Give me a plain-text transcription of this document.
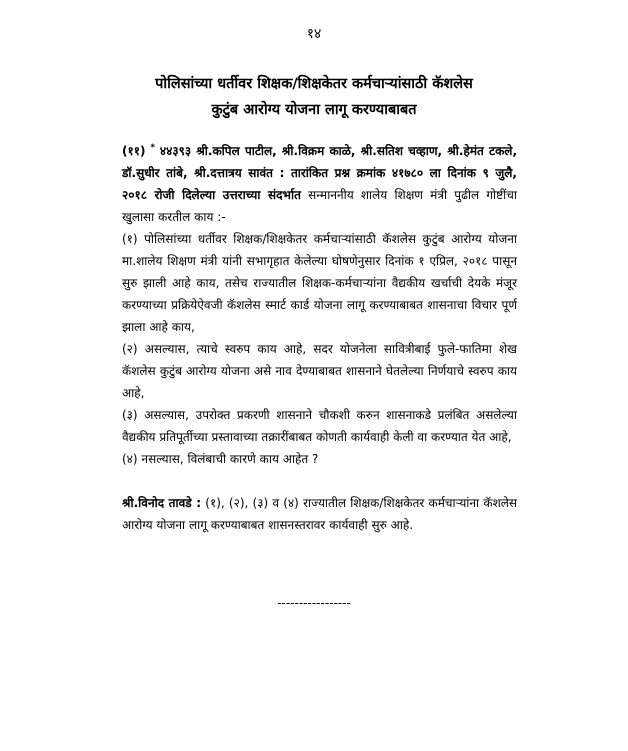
१४
पोलिसांच्या धर्तीवर शिक्षक/शिक्षकेतर कर्मचाऱ्यांसाठी कॅशलेस
कुटुंब आरोग्य योजना लागू करण्याबाबत

(११) * ४४३९३ श्री.कपिल पाटील, श्री.विक्रम काळे, श्री.सतिश चव्हाण, श्री.हेमंत टकले, डॉ.सुधीर तांबे, श्री.दत्तात्रय सावंत : तारांकित प्रश्न क्रमांक ४१७८० ला दिनांक ९ जुलै, २०१८ रोजी दिलेल्या उत्तराच्या संदर्भात सन्माननीय शालेय शिक्षण मंत्री पुढील गोष्टींचा खुलासा करतील काय :-

(१) पोलिसांच्या धर्तीवर शिक्षक/शिक्षकेतर कर्मचाऱ्यांसाठी कॅशलेस कुटुंब आरोग्य योजना मा.शालेय शिक्षण मंत्री यांनी सभागृहात केलेल्या घोषणेनुसार दिनांक १ एप्रिल, २०१८ पासून सुरु झाली आहे काय, तसेच राज्यातील शिक्षक-कर्मचाऱ्यांना वैद्यकीय खर्चाची देयके मंजूर करण्याच्या प्रक्रियेऐवजी कॅशलेस स्मार्ट कार्ड योजना लागू करण्याबाबत शासनाचा विचार पूर्ण झाला आहे काय,

(२) असल्यास, त्याचे स्वरुप काय आहे, सदर योजनेला सावित्रीबाई फुले-फातिमा शेख कॅशलेस कुटुंब आरोग्य योजना असे नाव देण्याबाबत शासनाने घेतलेल्या निर्णयाचे स्वरुप काय आहे,

(३) असल्यास, उपरोक्त प्रकरणी शासनाने चौकशी करुन शासनाकडे प्रलंबित असलेल्या वैद्यकीय प्रतिपूर्तीच्या प्रस्तावाच्या तक्रारींबाबत कोणती कार्यवाही केली वा करण्यात येत आहे,

(४) नसल्यास, विलंबाची कारणे काय आहेत ?

श्री.विनोद तावडे : (१), (२), (३) व (४) राज्यातील शिक्षक/शिक्षकेतर कर्मचाऱ्यांना कॅशलेस आरोग्य योजना लागू करण्याबाबत शासनस्तरावर कार्यवाही सुरु आहे.

-----------------
